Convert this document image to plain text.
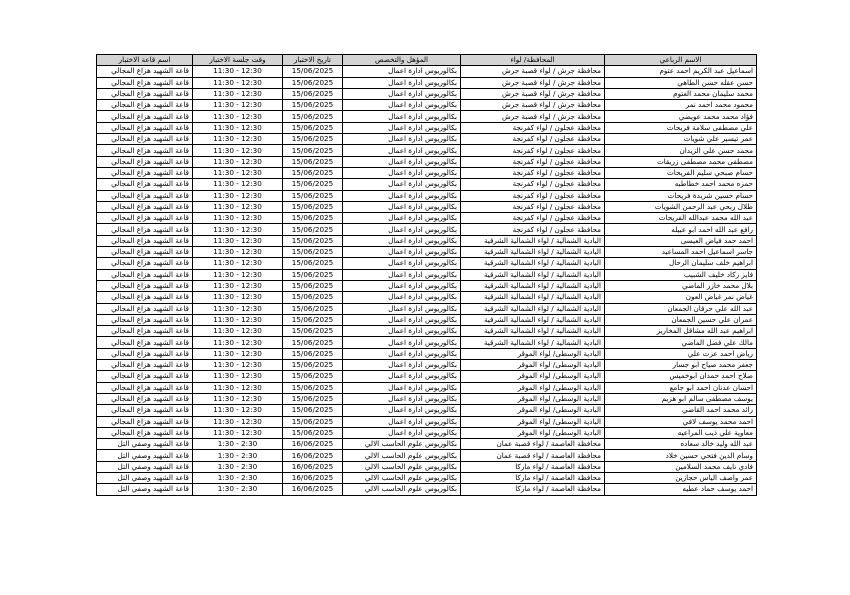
الاسم الرباعي	المحافظة/ لواء	المؤهل والتخصص	تاريخ الاختبار	وقت جلسة الاختبار	اسم قاعة الاختبار
اسماعيل عبد الكريم احمد عتوم	محافظة جرش / لواء قصبة جرش	بكالوريوس ادارة اعمال	15/06/2025	11:30 - 12:30	قاعة الشهيد هزاع المجالي
حسن عقله حسن الطاهي	محافظة جرش / لواء قصبة جرش	بكالوريوس ادارة اعمال	15/06/2025	11:30 - 12:30	قاعة الشهيد هزاع المجالي
محمد سليمان محمد العتوم	محافظة جرش / لواء قصبة جرش	بكالوريوس ادارة اعمال	15/06/2025	11:30 - 12:30	قاعة الشهيد هزاع المجالي
محمود محمد احمد نمر	محافظة جرش / لواء قصبة جرش	بكالوريوس ادارة اعمال	15/06/2025	11:30 - 12:30	قاعة الشهيد هزاع المجالي
فؤاد محمد محمد عويضي	محافظة جرش / لواء قصبة جرش	بكالوريوس ادارة اعمال	15/06/2025	11:30 - 12:30	قاعة الشهيد هزاع المجالي
علي مصطفى سلامة فريحات	محافظة عجلون / لواء كفرنجة	بكالوريوس ادارة اعمال	15/06/2025	11:30 - 12:30	قاعة الشهيد هزاع المجالي
عمر تيسير علي شويات	محافظة عجلون / لواء كفرنجة	بكالوريوس ادارة اعمال	15/06/2025	11:30 - 12:30	قاعة الشهيد هزاع المجالي
محمد حسن علي الزيدان	محافظة عجلون / لواء كفرنجة	بكالوريوس ادارة اعمال	15/06/2025	11:30 - 12:30	قاعة الشهيد هزاع المجالي
مصطفى محمد مصطفى زريقات	محافظة عجلون / لواء كفرنجة	بكالوريوس ادارة اعمال	15/06/2025	11:30 - 12:30	قاعة الشهيد هزاع المجالي
حسام صبحي سليم الفريحات	محافظة عجلون / لواء كفرنجة	بكالوريوس ادارة اعمال	15/06/2025	11:30 - 12:30	قاعة الشهيد هزاع المجالي
حمزه محمد احمد خطاطبه	محافظة عجلون / لواء كفرنجة	بكالوريوس ادارة اعمال	15/06/2025	11:30 - 12:30	قاعة الشهيد هزاع المجالي
حسام حسين شريدة فريحات	محافظة عجلون / لواء كفرنجة	بكالوريوس ادارة اعمال	15/06/2025	11:30 - 12:30	قاعة الشهيد هزاع المجالي
طلال ربحي عبد الرحمن الشويات	محافظة عجلون / لواء كفرنجة	بكالوريوس ادارة اعمال	15/06/2025	11:30 - 12:30	قاعة الشهيد هزاع المجالي
عبد الله محمد عبدالله الفريحات	محافظة عجلون / لواء كفرنجة	بكالوريوس ادارة اعمال	15/06/2025	11:30 - 12:30	قاعة الشهيد هزاع المجالي
رافع عبد الله احمد ابو عبيله	محافظة عجلون / لواء كفرنجة	بكالوريوس ادارة اعمال	15/06/2025	11:30 - 12:30	قاعة الشهيد هزاع المجالي
احمد حمد فياض العيسى	البادية الشمالية / لواء الشمالية الشرقية	بكالوريوس ادارة اعمال	15/06/2025	11:30 - 12:30	قاعة الشهيد هزاع المجالي
جاسر اسماعيل احمد المساعيد	البادية الشمالية / لواء الشمالية الشرقية	بكالوريوس ادارة اعمال	15/06/2025	11:30 - 12:30	قاعة الشهيد هزاع المجالي
ابراهيم خلف سليمان الرحال	البادية الشمالية / لواء الشمالية الشرقية	بكالوريوس ادارة اعمال	15/06/2025	11:30 - 12:30	قاعة الشهيد هزاع المجالي
فايز زكاد خليف الشبيب	البادية الشمالية / لواء الشمالية الشرقية	بكالوريوس ادارة اعمال	15/06/2025	11:30 - 12:30	قاعة الشهيد هزاع المجالي
بلال محمد خازر الماضي	البادية الشمالية / لواء الشمالية الشرقية	بكالوريوس ادارة اعمال	15/06/2025	11:30 - 12:30	قاعة الشهيد هزاع المجالي
غياض نمر غياض العون	البادية الشمالية / لواء الشمالية الشرقية	بكالوريوس ادارة اعمال	15/06/2025	11:30 - 12:30	قاعة الشهيد هزاع المجالي
عبد الله علي حرقان الجمعان	البادية الشمالية / لواء الشمالية الشرقية	بكالوريوس ادارة اعمال	15/06/2025	11:30 - 12:30	قاعة الشهيد هزاع المجالي
عمران علي حسين الجمعان	البادية الشمالية / لواء الشمالية الشرقية	بكالوريوس ادارة اعمال	15/06/2025	11:30 - 12:30	قاعة الشهيد هزاع المجالي
ابراهيم عبد الله مشاقل المخاريز	البادية الشمالية / لواء الشمالية الشرقية	بكالوريوس ادارة اعمال	15/06/2025	11:30 - 12:30	قاعة الشهيد هزاع المجالي
مالك علي فضل الماضي	البادية الشمالية / لواء الشمالية الشرقية	بكالوريوس ادارة اعمال	15/06/2025	11:30 - 12:30	قاعة الشهيد هزاع المجالي
رياض احمد عزت علي	البادية الوسطى/ لواء الموقر	بكالوريوس ادارة اعمال	15/06/2025	11:30 - 12:30	قاعة الشهيد هزاع المجالي
جعفر محمد صياح ابو جسار	البادية الوسطى/ لواء الموقر	بكالوريوس ادارة اعمال	15/06/2025	11:30 - 12:30	قاعة الشهيد هزاع المجالي
صلاح احمد حمدان ابوخميس	البادية الوسطى/ لواء الموقر	بكالوريوس ادارة اعمال	15/06/2025	11:30 - 12:30	قاعة الشهيد هزاع المجالي
احسان عدنان احمد ابو جامع	البادية الوسطى/ لواء الموقر	بكالوريوس ادارة اعمال	15/06/2025	11:30 - 12:30	قاعة الشهيد هزاع المجالي
يوسف مصطفى سالم ابو هزيم	البادية الوسطى/ لواء الموقر	بكالوريوس ادارة اعمال	15/06/2025	11:30 - 12:30	قاعة الشهيد هزاع المجالي
رائد محمد احمد القاضي	البادية الوسطى/ لواء الموقر	بكالوريوس ادارة اعمال	15/06/2025	11:30 - 12:30	قاعة الشهيد هزاع المجالي
احمد محمد يوسف لافي	البادية الوسطى/ لواء الموقر	بكالوريوس ادارة اعمال	15/06/2025	11:30 - 12:30	قاعة الشهيد هزاع المجالي
معاوية علي ذيب المراعيه	البادية الوسطى/ لواء الموقر	بكالوريوس ادارة اعمال	15/06/2025	11:30 - 12:30	قاعة الشهيد هزاع المجالي
عبد الله وليد خالد سعاده	محافظة العاصمة / لواء قصبة عمان	بكالوريوس علوم الحاسب الالي	16/06/2025	1:30 - 2:30	قاعة الشهيد وصفي التل
وسام الدين فتحي حسين خلاد	محافظة العاصمة / لواء قصبة عمان	بكالوريوس علوم الحاسب الالي	16/06/2025	1:30 - 2:30	قاعة الشهيد وصفي التل
فادي نايف محمد السلامين	محافظة العاصمة / لواء ماركا	بكالوريوس علوم الحاسب الالي	16/06/2025	1:30 - 2:30	قاعة الشهيد وصفي التل
عمر واصف الياس حجازين	محافظة العاصمة / لواء ماركا	بكالوريوس علوم الحاسب الالي	16/06/2025	1:30 - 2:30	قاعة الشهيد وصفي التل
احمد يوسف حماد عطيه	محافظة العاصمة / لواء ماركا	بكالوريوس علوم الحاسب الالي	16/06/2025	1:30 - 2:30	قاعة الشهيد وصفي التل
